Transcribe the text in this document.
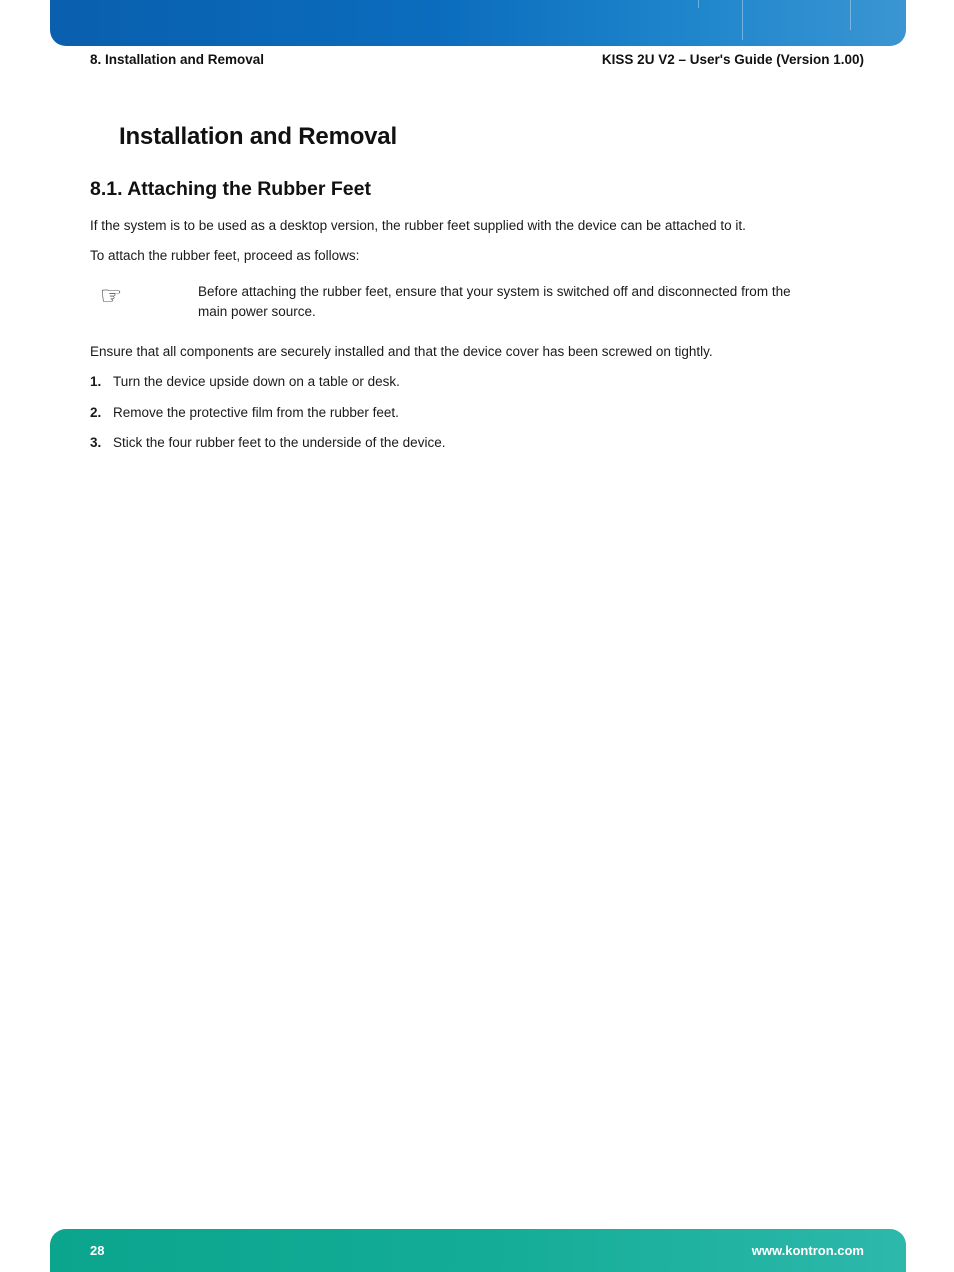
8. Installation and Removal	KISS 2U V2 – User's Guide (Version 1.00)
Installation and Removal
8.1. Attaching the Rubber Feet

If the system is to be used as a desktop version, the rubber feet supplied with the device can be attached to it.

To attach the rubber feet, proceed as follows:

☞	Before attaching the rubber feet, ensure that your system is switched off and disconnected from the
main power source.

Ensure that all components are securely installed and that the device cover has been screwed on tightly.

1. Turn the device upside down on a table or desk.
2. Remove the protective film from the rubber feet.
3. Stick the four rubber feet to the underside of the device.
28	www.kontron.com
